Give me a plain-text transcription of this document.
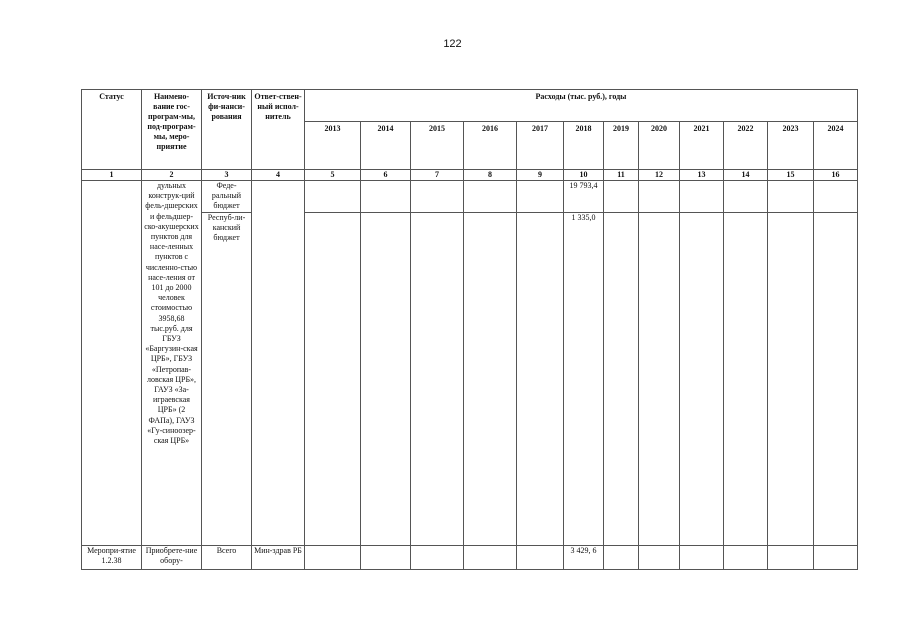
122
Статус	Наимено-вание гос-програм-мы, под-програм-мы, меро-приятие	Источ-ник фи-нанси-рования	Ответ-ствен-ный испол-нитель	Расходы (тыс. руб.), годы											
				2013	2014	2015	2016	2017	2018	2019	2020	2021	2022	2023	2024
1	2	3	4	5	6	7	8	9	10	11	12	13	14	15	16
	дульных конструк-ций фель-дшерских и фельдшер-ско-акушерских пунктов для насе-ленных пунктов с численно-стью насе-ления от 101 до 2000 человек стоимостью 3958,68 тыс.руб. для ГБУЗ «Баргузин-ская ЦРБ», ГБУЗ «Петропав-ловская ЦРБ», ГАУЗ «За-играевская ЦРБ» (2 ФАПа), ГАУЗ «Гу-синоозер-ская ЦРБ»	Феде-ральный бюджет							19 793,4						
		Респуб-ли-канский бюджет							1 335,0						
Меропри-ятие 1.2.38	Приобрете-ние обору-	Всего	Мин-здрав РБ						3 429, 6						
